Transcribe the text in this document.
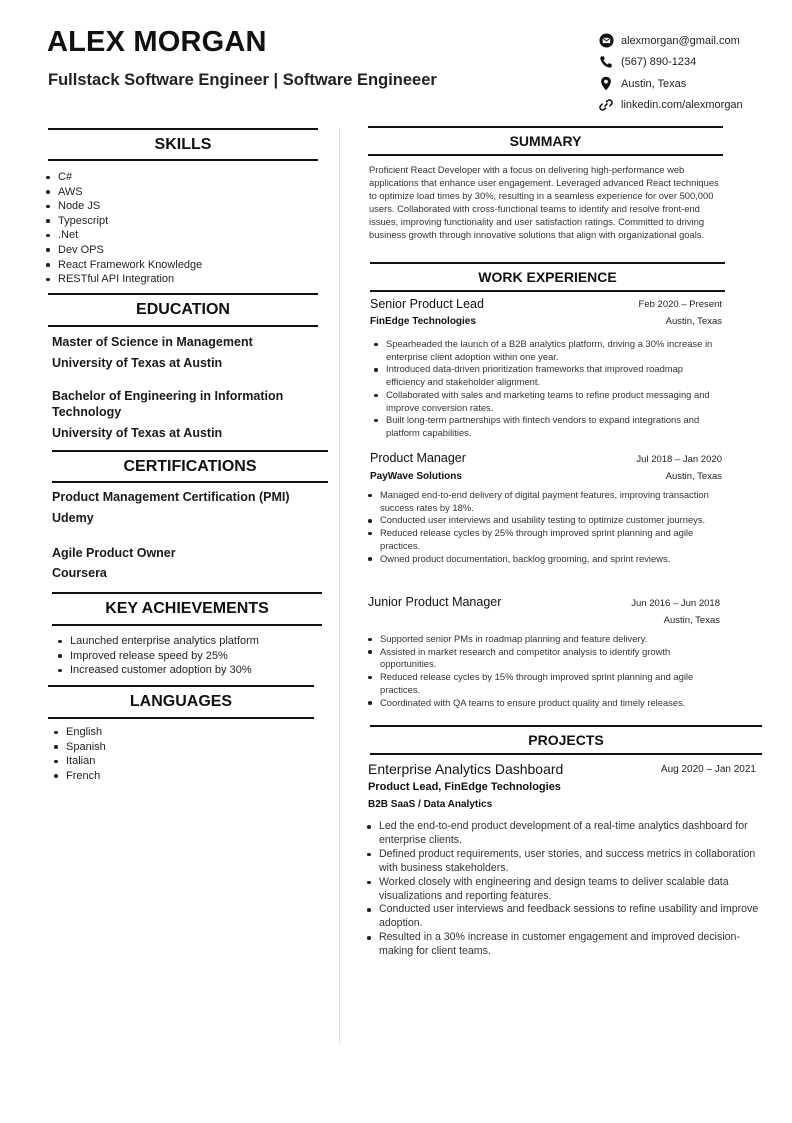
ALEX MORGAN
Fullstack Software Engineer | Software Engineeer
alexmorgan@gmail.com
(567) 890-1234
Austin, Texas
linkedin.com/alexmorgan
SKILLS
C#
AWS
Node JS
Typescript
.Net
Dev OPS
React Framework Knowledge
RESTful API Integration
EDUCATION
Master of Science in Management
University of Texas at Austin
Bachelor of Engineering in Information Technology
University of Texas at Austin
CERTIFICATIONS
Product Management Certification (PMI)
Udemy
Agile Product Owner
Coursera
KEY ACHIEVEMENTS
Launched enterprise analytics platform
Improved release speed by 25%
Increased customer adoption by 30%
LANGUAGES
English
Spanish
Italian
French
SUMMARY
Proficient React Developer with a focus on delivering high-performance web applications that enhance user engagement. Leveraged advanced React techniques to optimize load times by 30%, resulting in a seamless experience for over 500,000 users. Collaborated with cross-functional teams to identify and resolve front-end issues, improving functionality and user satisfaction ratings. Committed to driving business growth through innovative solutions that align with organizational goals.
WORK EXPERIENCE
Senior Product Lead	Feb 2020 – Present
FinEdge Technologies	Austin, Texas
Spearheaded the launch of a B2B analytics platform, driving a 30% increase in enterprise client adoption within one year.
Introduced data-driven prioritization frameworks that improved roadmap efficiency and stakeholder alignment.
Collaborated with sales and marketing teams to refine product messaging and improve conversion rates.
Built long-term partnerships with fintech vendors to expand integrations and platform capabilities.
Product Manager	Jul 2018 – Jan 2020
PayWave Solutions	Austin, Texas
Managed end-to-end delivery of digital payment features, improving transaction success rates by 18%.
Conducted user interviews and usability testing to optimize customer journeys.
Reduced release cycles by 25% through improved sprint planning and agile practices.
Owned product documentation, backlog grooming, and sprint reviews.
Junior Product Manager	Jun 2016 – Jun 2018
Austin, Texas
Supported senior PMs in roadmap planning and feature delivery.
Assisted in market research and competitor analysis to identify growth opportunities.
Reduced release cycles by 15% through improved sprint planning and agile practices.
Coordinated with QA teams to ensure product quality and timely releases.
PROJECTS
Enterprise Analytics Dashboard	Aug 2020 – Jan 2021
Product Lead, FinEdge Technologies
B2B SaaS / Data Analytics
Led the end-to-end product development of a real-time analytics dashboard for enterprise clients.
Defined product requirements, user stories, and success metrics in collaboration with business stakeholders.
Worked closely with engineering and design teams to deliver scalable data visualizations and reporting features.
Conducted user interviews and feedback sessions to refine usability and improve adoption.
Resulted in a 30% increase in customer engagement and improved decision-making for client teams.
